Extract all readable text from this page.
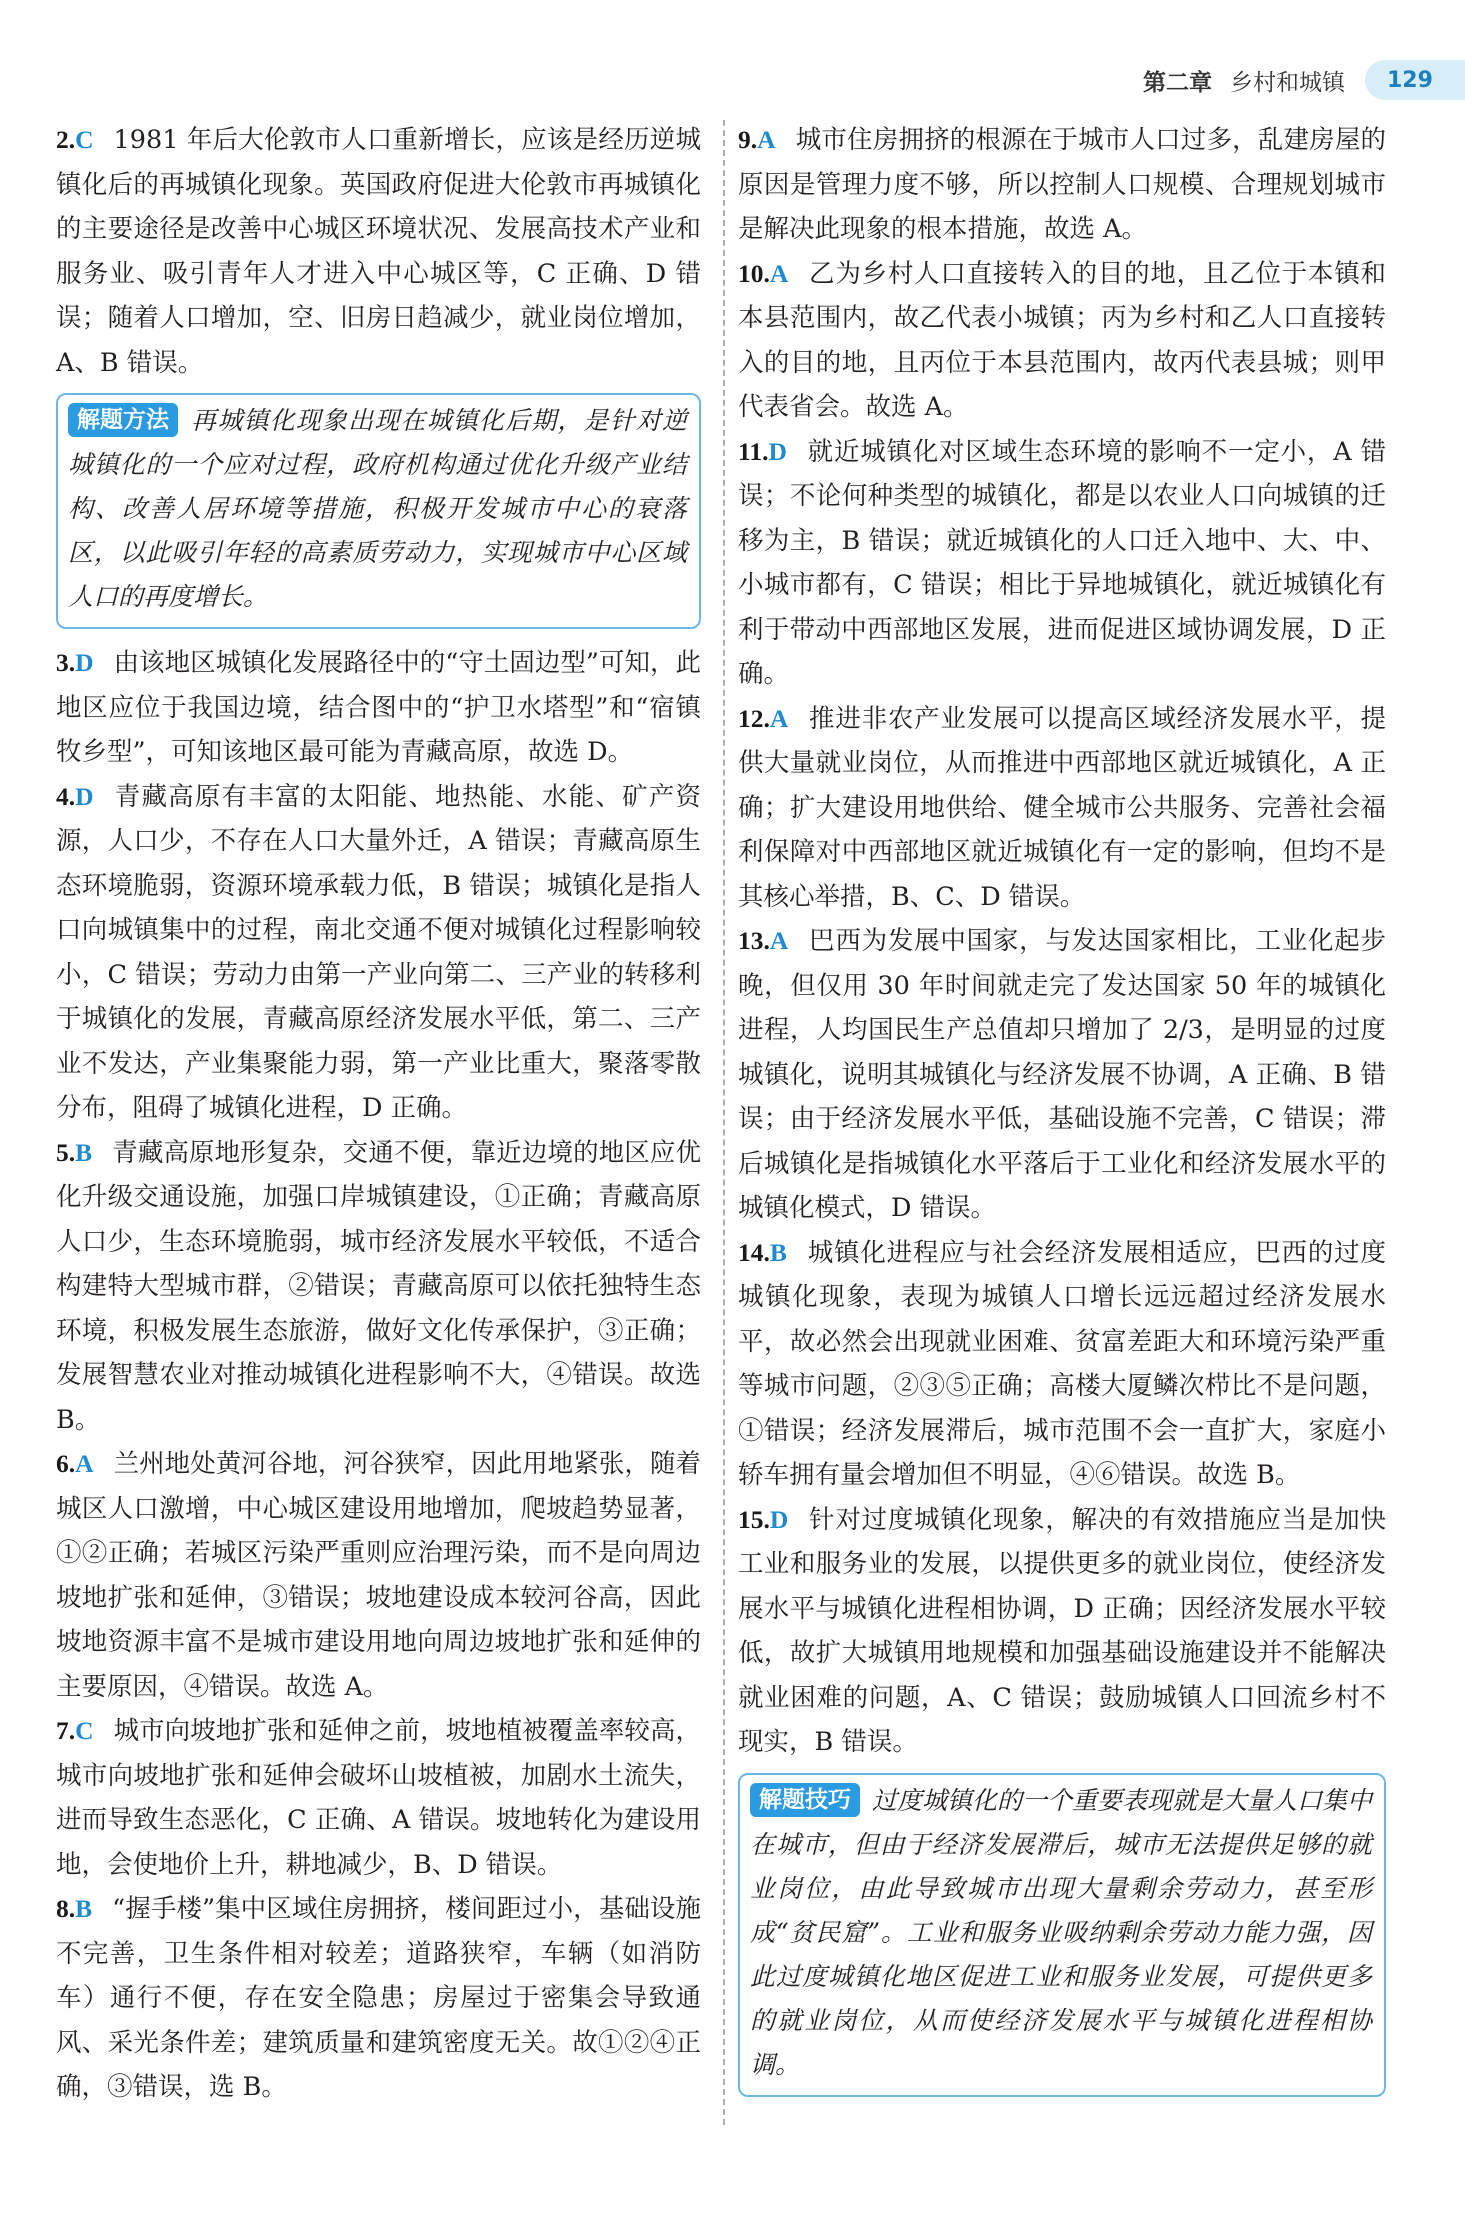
第二章 乡村和城镇	129

2.C 1981 年后大伦敦市人口重新增长，应该是经历逆城镇化后的再城镇化现象。英国政府促进大伦敦市再城镇化的主要途径是改善中心城区环境状况、发展高技术产业和服务业、吸引青年人才进入中心城区等，C 正确、D 错误；随着人口增加，空、旧房日趋减少，就业岗位增加，A、B 错误。

解题方法 再城镇化现象出现在城镇化后期，是针对逆城镇化的一个应对过程，政府机构通过优化升级产业结构、改善人居环境等措施，积极开发城市中心的衰落区，以此吸引年轻的高素质劳动力，实现城市中心区域人口的再度增长。

3.D 由该地区城镇化发展路径中的“守土固边型”可知，此地区应位于我国边境，结合图中的“护卫水塔型”和“宿镇牧乡型”，可知该地区最可能为青藏高原，故选 D。

4.D 青藏高原有丰富的太阳能、地热能、水能、矿产资源，人口少，不存在人口大量外迁，A 错误；青藏高原生态环境脆弱，资源环境承载力低，B 错误；城镇化是指人口向城镇集中的过程，南北交通不便对城镇化过程影响较小，C 错误；劳动力由第一产业向第二、三产业的转移利于城镇化的发展，青藏高原经济发展水平低，第二、三产业不发达，产业集聚能力弱，第一产业比重大，聚落零散分布，阻碍了城镇化进程，D 正确。

5.B 青藏高原地形复杂，交通不便，靠近边境的地区应优化升级交通设施，加强口岸城镇建设，①正确；青藏高原人口少，生态环境脆弱，城市经济发展水平较低，不适合构建特大型城市群，②错误；青藏高原可以依托独特生态环境，积极发展生态旅游，做好文化传承保护，③正确；发展智慧农业对推动城镇化进程影响不大，④错误。故选 B。

6.A 兰州地处黄河谷地，河谷狭窄，因此用地紧张，随着城区人口激增，中心城区建设用地增加，爬坡趋势显著，①②正确；若城区污染严重则应治理污染，而不是向周边坡地扩张和延伸，③错误；坡地建设成本较河谷高，因此坡地资源丰富不是城市建设用地向周边坡地扩张和延伸的主要原因，④错误。故选 A。

7.C 城市向坡地扩张和延伸之前，坡地植被覆盖率较高，城市向坡地扩张和延伸会破坏山坡植被，加剧水土流失，进而导致生态恶化，C 正确、A 错误。坡地转化为建设用地，会使地价上升，耕地减少，B、D 错误。

8.B “握手楼”集中区域住房拥挤，楼间距过小，基础设施不完善，卫生条件相对较差；道路狭窄，车辆（如消防车）通行不便，存在安全隐患；房屋过于密集会导致通风、采光条件差；建筑质量和建筑密度无关。故①②④正确，③错误，选 B。

9.A 城市住房拥挤的根源在于城市人口过多，乱建房屋的原因是管理力度不够，所以控制人口规模、合理规划城市是解决此现象的根本措施，故选 A。

10.A 乙为乡村人口直接转入的目的地，且乙位于本镇和本县范围内，故乙代表小城镇；丙为乡村和乙人口直接转入的目的地，且丙位于本县范围内，故丙代表县城；则甲代表省会。故选 A。

11.D 就近城镇化对区域生态环境的影响不一定小，A 错误；不论何种类型的城镇化，都是以农业人口向城镇的迁移为主，B 错误；就近城镇化的人口迁入地中、大、中、小城市都有，C 错误；相比于异地城镇化，就近城镇化有利于带动中西部地区发展，进而促进区域协调发展，D 正确。

12.A 推进非农产业发展可以提高区域经济发展水平，提供大量就业岗位，从而推进中西部地区就近城镇化，A 正确；扩大建设用地供给、健全城市公共服务、完善社会福利保障对中西部地区就近城镇化有一定的影响，但均不是其核心举措，B、C、D 错误。

13.A 巴西为发展中国家，与发达国家相比，工业化起步晚，但仅用 30 年时间就走完了发达国家 50 年的城镇化进程，人均国民生产总值却只增加了 2/3，是明显的过度城镇化，说明其城镇化与经济发展不协调，A 正确、B 错误；由于经济发展水平低，基础设施不完善，C 错误；滞后城镇化是指城镇化水平落后于工业化和经济发展水平的城镇化模式，D 错误。

14.B 城镇化进程应与社会经济发展相适应，巴西的过度城镇化现象，表现为城镇人口增长远远超过经济发展水平，故必然会出现就业困难、贫富差距大和环境污染严重等城市问题，②③⑤正确；高楼大厦鳞次栉比不是问题，①错误；经济发展滞后，城市范围不会一直扩大，家庭小轿车拥有量会增加但不明显，④⑥错误。故选 B。

15.D 针对过度城镇化现象，解决的有效措施应当是加快工业和服务业的发展，以提供更多的就业岗位，使经济发展水平与城镇化进程相协调，D 正确；因经济发展水平较低，故扩大城镇用地规模和加强基础设施建设并不能解决就业困难的问题，A、C 错误；鼓励城镇人口回流乡村不现实，B 错误。

解题技巧 过度城镇化的一个重要表现就是大量人口集中在城市，但由于经济发展滞后，城市无法提供足够的就业岗位，由此导致城市出现大量剩余劳动力，甚至形成“贫民窟”。工业和服务业吸纳剩余劳动力能力强，因此过度城镇化地区促进工业和服务业发展，可提供更多的就业岗位，从而使经济发展水平与城镇化进程相协调。
